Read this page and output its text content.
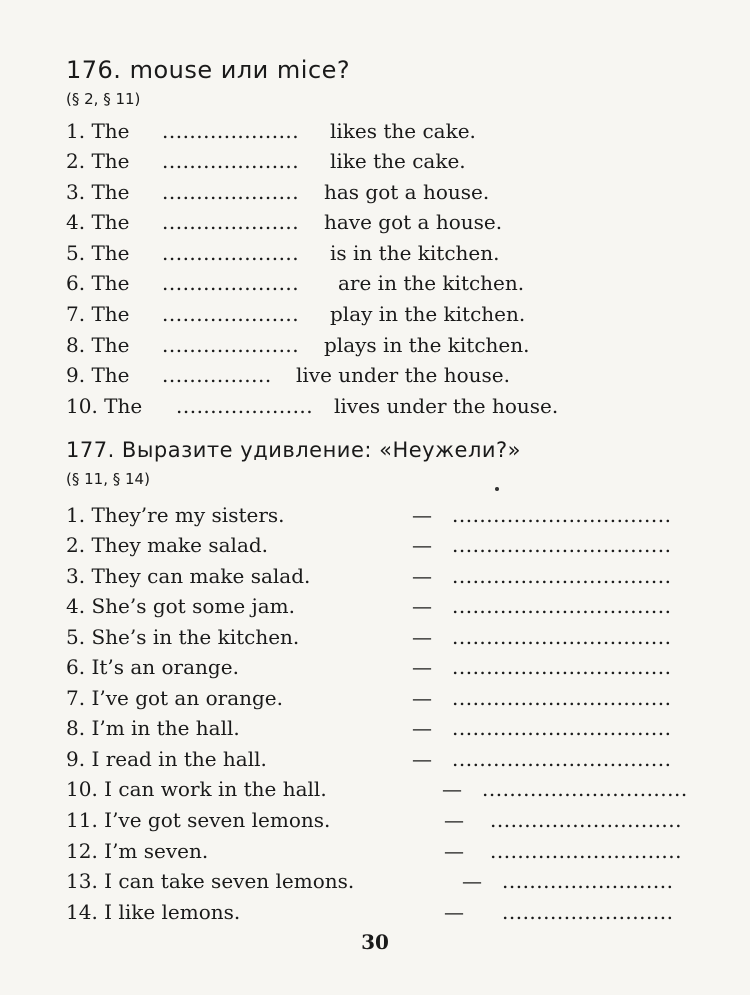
176. mouse или mice?
(§ 2, § 11)
1. The .................... likes the cake.
2. The .................... like the cake.
3. The .................... has got a house.
4. The .................... have got a house.
5. The .................... is in the kitchen.
6. The .................... are in the kitchen.
7. The .................... play in the kitchen.
8. The .................... plays in the kitchen.
9. The ................ live under the house.
10. The .................... lives under the house.
177. Выразите удивление: «Неужели?»
(§ 11, § 14)
1. They’re my sisters.	— ................................
2. They make salad.	— ................................
3. They can make salad.	— ................................
4. She’s got some jam.	— ................................
5. She’s in the kitchen.	— ................................
6. It’s an orange.	— ................................
7. I’ve got an orange.	— ................................
8. I’m in the hall.	— ................................
9. I read in the hall.	— ................................
10. I can work in the hall.	— ..............................
11. I’ve got seven lemons.	— ............................
12. I’m seven.	— ............................
13. I can take seven lemons.	— .........................
14. I like lemons.	— .........................
30
